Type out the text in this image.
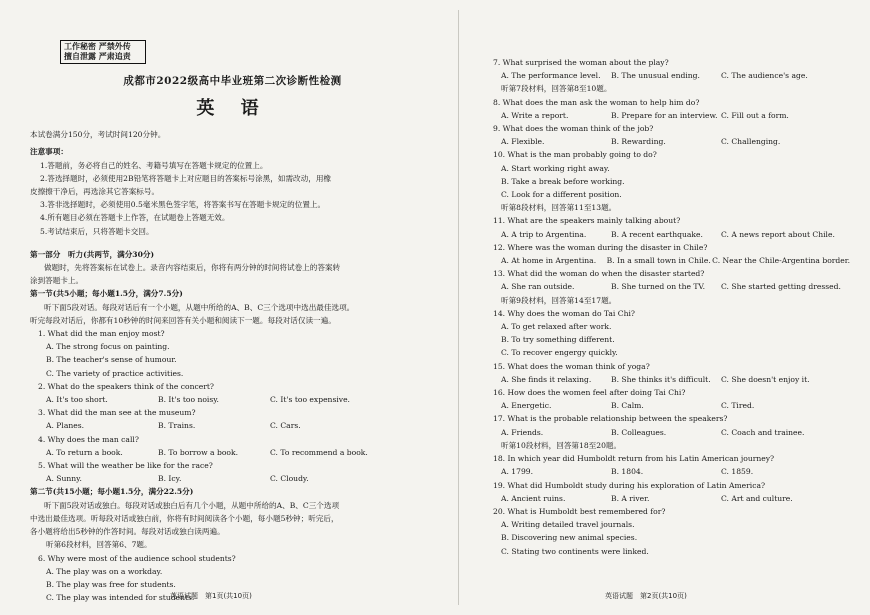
工作秘密 严禁外传
擅自泄露 严肃追责
成都市2022级高中毕业班第二次诊断性检测
英 语
本试卷满分150分，考试时间120分钟。
注意事项：
1.答题前，务必将自己的姓名、考籍号填写在答题卡规定的位置上。
2.答选择题时，必须使用2B铅笔将答题卡上对应题目的答案标号涂黑，如需改动，用橡
皮擦擦干净后，再选涂其它答案标号。
3.答非选择题时，必须使用0.5毫米黑色签字笔，将答案书写在答题卡规定的位置上。
4.所有题目必须在答题卡上作答，在试题卷上答题无效。
5.考试结束后，只将答题卡交回。
第一部分　听力(共两节，满分30分)
做题时，先将答案标在试卷上。录音内容结束后，你将有两分钟的时间将试卷上的答案转
涂到答题卡上。
第一节(共5小题；每小题1.5分，满分7.5分)
听下面5段对话。每段对话后有一个小题，从题中所给的A、B、C三个选项中选出最佳选项。
听完每段对话后，你都有10秒钟的时间来回答有关小题和阅读下一题。每段对话仅读一遍。
1. What did the man enjoy most?
A. The strong focus on painting.
B. The teacher's sense of humour.
C. The variety of practice activities.
2. What do the speakers think of the concert?
A. It's too short.	B. It's too noisy.	C. It's too expensive.
3. What did the man see at the museum?
A. Planes.	B. Trains.	C. Cars.
4. Why does the man call?
A. To return a book.	B. To borrow a book.	C. To recommend a book.
5. What will the weather be like for the race?
A. Sunny.	B. Icy.	C. Cloudy.
第二节(共15小题；每小题1.5分，满分22.5分)
听下面5段对话或独白。每段对话或独白后有几个小题，从题中所给的A、B、C三个选项
中选出最佳选项。听每段对话或独白前，你将有时间阅读各个小题，每小题5秒钟；听完后，
各小题将给出5秒钟的作答时间。每段对话或独白读两遍。
听第6段材料，回答第6、7题。
6. Why were most of the audience school students?
A. The play was on a workday.
B. The play was free for students.
C. The play was intended for students.
英语试题　第1页(共10页)
7. What surprised the woman about the play?
A. The performance level.	B. The unusual ending.	C. The audience's age.
听第7段材料，回答第8至10题。
8. What does the man ask the woman to help him do?
A. Write a report.	B. Prepare for an interview. C. Fill out a form.
9. What does the woman think of the job?
A. Flexible.	B. Rewarding.	C. Challenging.
10. What is the man probably going to do?
A. Start working right away.
B. Take a break before working.
C. Look for a different position.
听第8段材料，回答第11至13题。
11. What are the speakers mainly talking about?
A. A trip to Argentina.	B. A recent earthquake.	C. A news report about Chile.
12. Where was the woman during the disaster in Chile?
A. At home in Argentina.	B. In a small town in Chile. C. Near the Chile-Argentina border.
13. What did the woman do when the disaster started?
A. She ran outside.	B. She turned on the TV.	C. She started getting dressed.
听第9段材料，回答第14至17题。
14. Why does the woman do Tai Chi?
A. To get relaxed after work.
B. To try something different.
C. To recover engergy quickly.
15. What does the woman think of yoga?
A. She finds it relaxing.	B. She thinks it's difficult.	C. She doesn't enjoy it.
16. How does the women feel after doing Tai Chi?
A. Energetic.	B. Calm.	C. Tired.
17. What is the probable relationship between the speakers?
A. Friends.	B. Colleagues.	C. Coach and trainee.
听第10段材料，回答第18至20题。
18. In which year did Humboldt return from his Latin American journey?
A. 1799.	B. 1804.	C. 1859.
19. What did Humboldt study during his exploration of Latin America?
A. Ancient ruins.	B. A river.	C. Art and culture.
20. What is Humboldt best remembered for?
A. Writing detailed travel journals.
B. Discovering new animal species.
C. Stating two continents were linked.
英语试题　第2页(共10页)
